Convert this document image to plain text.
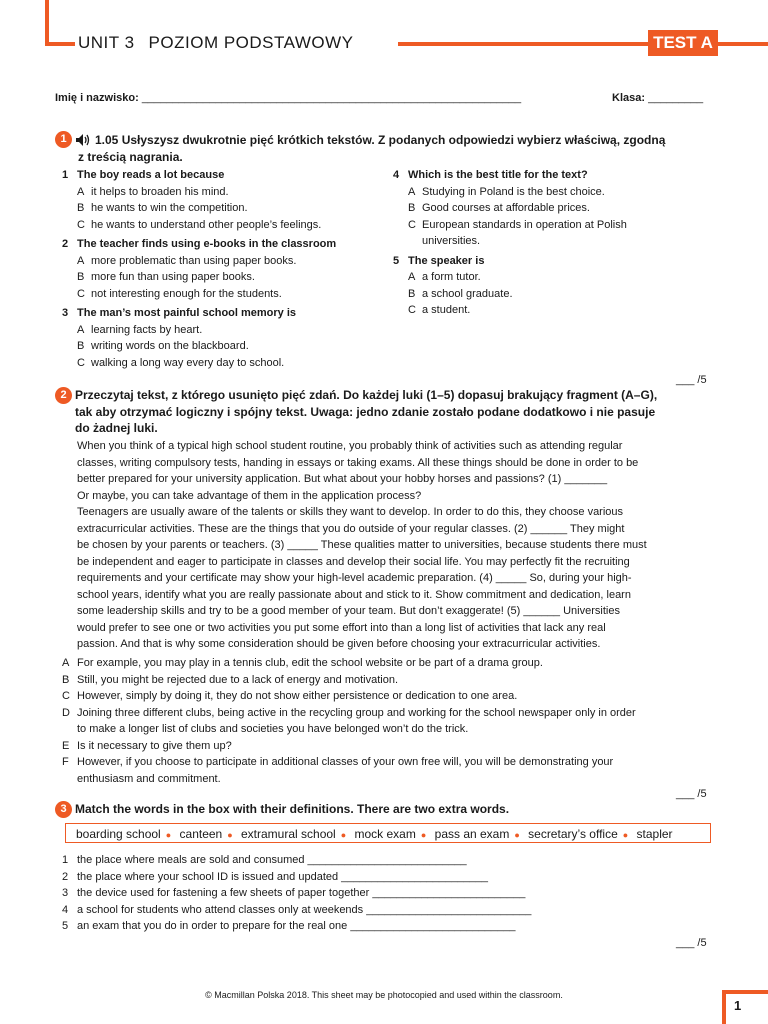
UNIT 3 POZIOM PODSTAWOWY	TEST A
Imię i nazwisko: ______________________________________________________________	Klasa: _________
1	1.05 Usłyszysz dwukrotnie pięć krótkich tekstów. Z podanych odpowiedzi wybierz właściwą, zgodną
z treścią nagrania.
1 The boy reads a lot because
A it helps to broaden his mind.
B he wants to win the competition.
C he wants to understand other people’s feelings.
2 The teacher finds using e-books in the classroom
A more problematic than using paper books.
B more fun than using paper books.
C not interesting enough for the students.
3 The man’s most painful school memory is
A learning facts by heart.
B writing words on the blackboard.
C walking a long way every day to school.
4 Which is the best title for the text?
A Studying in Poland is the best choice.
B Good courses at affordable prices.
C European standards in operation at Polish
universities.
5 The speaker is
A a form tutor.
B a school graduate.
C a student.
___ /5
2 Przeczytaj tekst, z którego usunięto pięć zdań. Do każdej luki (1–5) dopasuj brakujący fragment (A–G),
tak aby otrzymać logiczny i spójny tekst. Uwaga: jedno zdanie zostało podane dodatkowo i nie pasuje
do żadnej luki.
When you think of a typical high school student routine, you probably think of activities such as attending regular
classes, writing compulsory tests, handing in essays or taking exams. All these things should be done in order to be
better prepared for your university application. But what about your hobby horses and passions? (1) _______
Or maybe, you can take advantage of them in the application process?
Teenagers are usually aware of the talents or skills they want to develop. In order to do this, they choose various
extracurricular activities. These are the things that you do outside of your regular classes. (2) ______ They might
be chosen by your parents or teachers. (3) _____ These qualities matter to universities, because students there must
be independent and eager to participate in classes and develop their social life. You may perfectly fit the recruiting
requirements and your certificate may show your high-level academic preparation. (4) _____ So, during your high-
school years, identify what you are really passionate about and stick to it. Show commitment and dedication, learn
some leadership skills and try to be a good member of your team. But don’t exaggerate! (5) ______ Universities
would prefer to see one or two activities you put some effort into than a long list of activities that lack any real
passion. And that is why some consideration should be given before choosing your extracurricular activities.
A For example, you may play in a tennis club, edit the school website or be part of a drama group.
B Still, you might be rejected due to a lack of energy and motivation.
C However, simply by doing it, they do not show either persistence or dedication to one area.
D Joining three different clubs, being active in the recycling group and working for the school newspaper only in order
to make a longer list of clubs and societies you have belonged won’t do the trick.
E Is it necessary to give them up?
F However, if you choose to participate in additional classes of your own free will, you will be demonstrating your
enthusiasm and commitment.
___ /5
3 Match the words in the box with their definitions. There are two extra words.
boarding school ● canteen ● extramural school ● mock exam ● pass an exam ● secretary’s office ● stapler
1 the place where meals are sold and consumed __________________________
2 the place where your school ID is issued and updated ________________________
3 the device used for fastening a few sheets of paper together _________________________
4 a school for students who attend classes only at weekends ___________________________
5 an exam that you do in order to prepare for the real one ___________________________
___ /5
© Macmillan Polska 2018. This sheet may be photocopied and used within the classroom.
1
